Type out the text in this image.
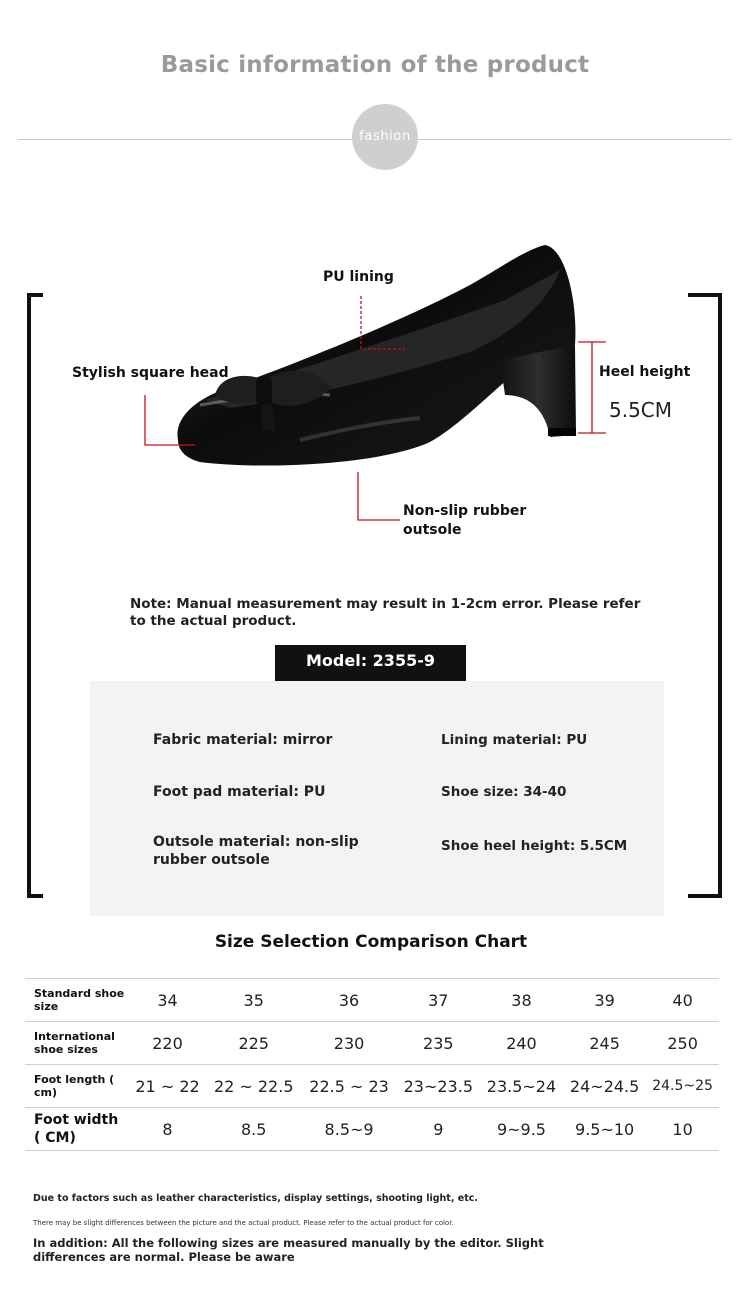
Basic information of the product
fashion
PU lining
Stylish square head	Heel height
5.5CM
Non-slip rubber outsole
Note: Manual measurement may result in 1-2cm error. Please refer to the actual product.
Model: 2355-9
Fabric material: mirror	Lining material: PU
Foot pad material: PU	Shoe size: 34-40
Outsole material: non-slip rubber outsole
Shoe heel height: 5.5CM
Size Selection Comparison Chart
Standard shoe size	34	35	36	37	38	39	40
International shoe sizes	220	225	230	235	240	245	250
Foot length ( cm)	21 ~ 22	22 ~ 22.5	22.5 ~ 23	23~23.5	23.5~24	24~24.5	24.5~25
Foot width ( CM)	8	8.5	8.5~9	9	9~9.5	9.5~10	10
Due to factors such as leather characteristics, display settings, shooting light, etc.
There may be slight differences between the picture and the actual product. Please refer to the actual product for color.
In addition: All the following sizes are measured manually by the editor. Slight differences are normal. Please be aware
